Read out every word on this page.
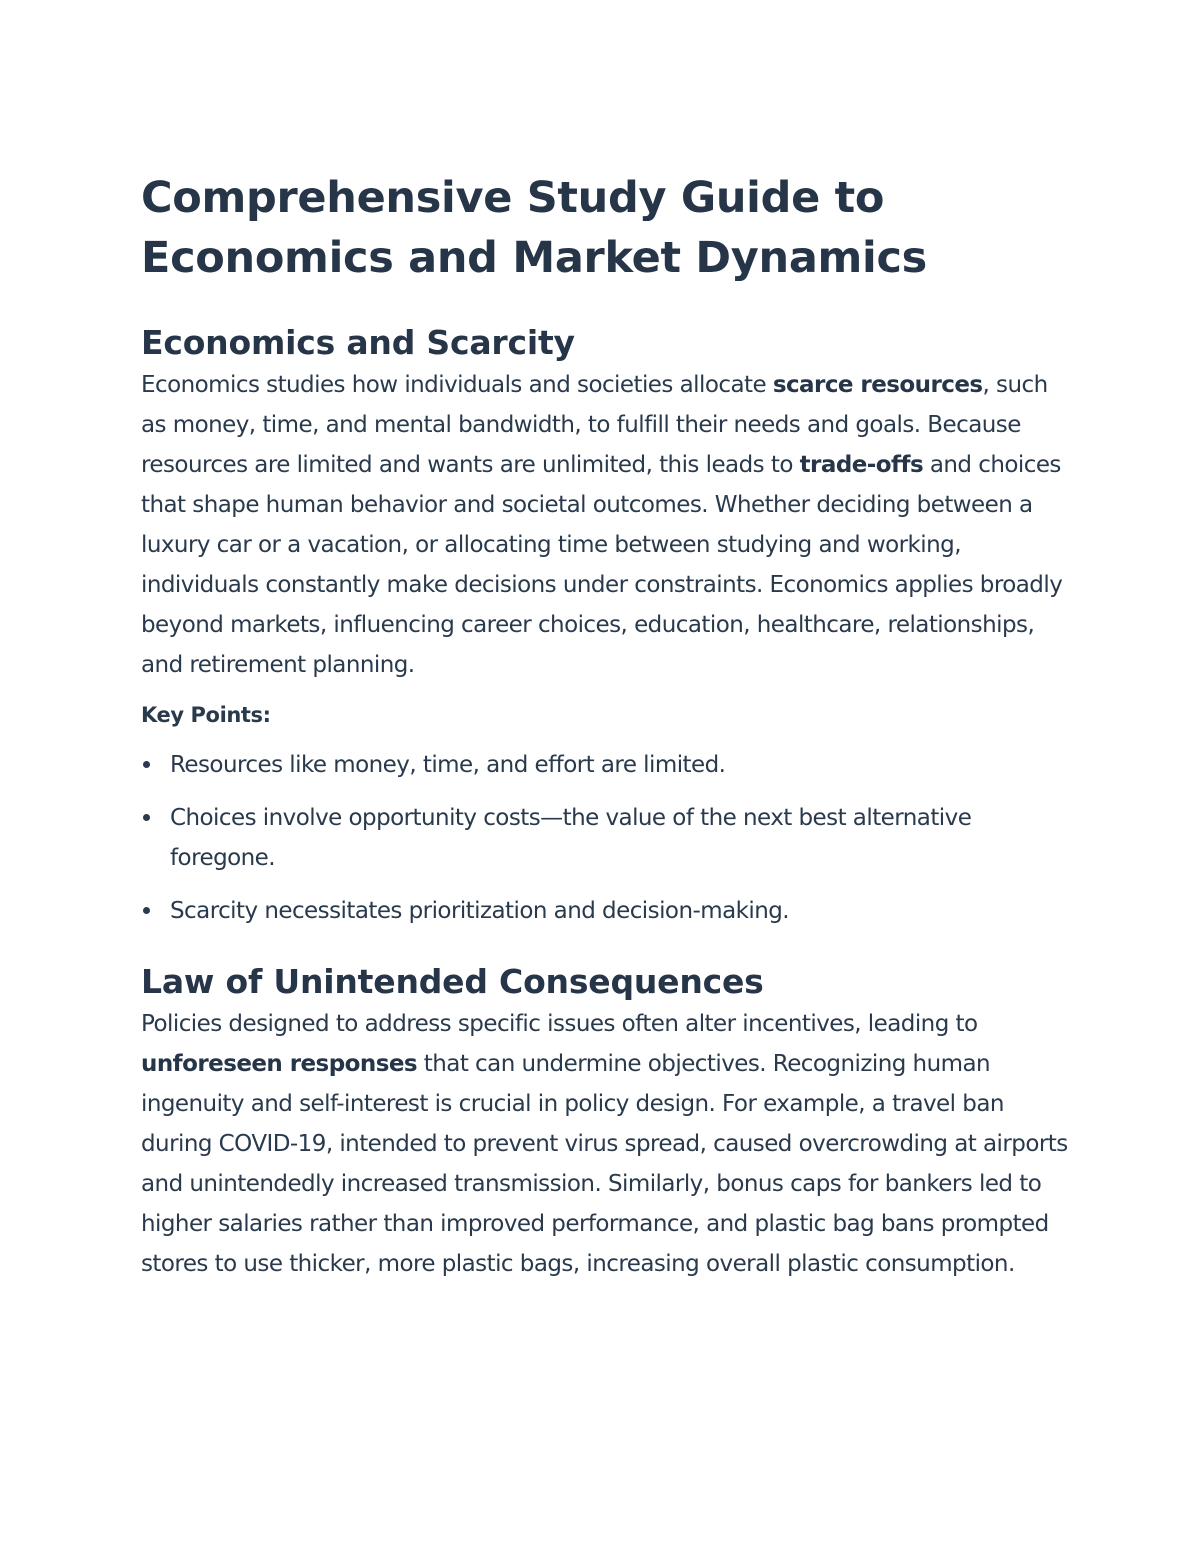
Comprehensive Study Guide to Economics and Market Dynamics
Economics and Scarcity

Economics studies how individuals and societies allocate scarce resources, such as money, time, and mental bandwidth, to fulfill their needs and goals. Because resources are limited and wants are unlimited, this leads to trade-offs and choices that shape human behavior and societal outcomes. Whether deciding between a luxury car or a vacation, or allocating time between studying and working, individuals constantly make decisions under constraints. Economics applies broadly beyond markets, influencing career choices, education, healthcare, relationships, and retirement planning.

Key Points:

Resources like money, time, and effort are limited.
Choices involve opportunity costs—the value of the next best alternative foregone.
Scarcity necessitates prioritization and decision-making.
Law of Unintended Consequences

Policies designed to address specific issues often alter incentives, leading to unforeseen responses that can undermine objectives. Recognizing human ingenuity and self-interest is crucial in policy design. For example, a travel ban during COVID-19, intended to prevent virus spread, caused overcrowding at airports and unintendedly increased transmission. Similarly, bonus caps for bankers led to higher salaries rather than improved performance, and plastic bag bans prompted stores to use thicker, more plastic bags, increasing overall plastic consumption.
